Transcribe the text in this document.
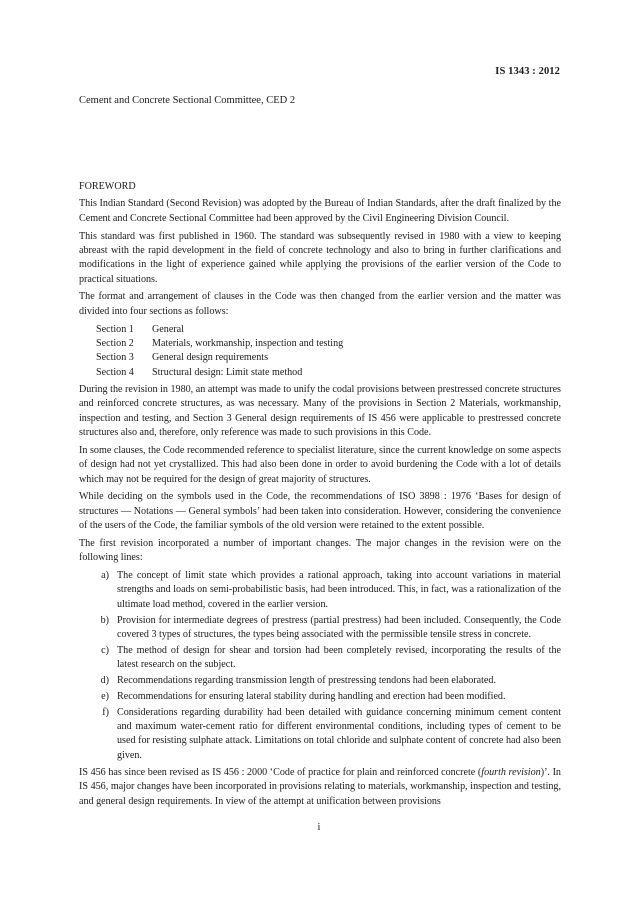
IS 1343 : 2012
Cement and Concrete Sectional Committee, CED 2
FOREWORD

This Indian Standard (Second Revision) was adopted by the Bureau of Indian Standards, after the draft finalized by the Cement and Concrete Sectional Committee had been approved by the Civil Engineering Division Council.

This standard was first published in 1960. The standard was subsequently revised in 1980 with a view to keeping abreast with the rapid development in the field of concrete technology and also to bring in further clarifications and modifications in the light of experience gained while applying the provisions of the earlier version of the Code to practical situations.

The format and arrangement of clauses in the Code was then changed from the earlier version and the matter was divided into four sections as follows:

Section 1	General
Section 2	Materials, workmanship, inspection and testing
Section 3	General design requirements
Section 4	Structural design: Limit state method

During the revision in 1980, an attempt was made to unify the codal provisions between prestressed concrete structures and reinforced concrete structures, as was necessary. Many of the provisions in Section 2 Materials, workmanship, inspection and testing, and Section 3 General design requirements of IS 456 were applicable to prestressed concrete structures also and, therefore, only reference was made to such provisions in this Code.

In some clauses, the Code recommended reference to specialist literature, since the current knowledge on some aspects of design had not yet crystallized. This had also been done in order to avoid burdening the Code with a lot of details which may not be required for the design of great majority of structures.

While deciding on the symbols used in the Code, the recommendations of ISO 3898 : 1976 ‘Bases for design of structures — Notations — General symbols’ had been taken into consideration. However, considering the convenience of the users of the Code, the familiar symbols of the old version were retained to the extent possible.

The first revision incorporated a number of important changes. The major changes in the revision were on the following lines:

a) The concept of limit state which provides a rational approach, taking into account variations in material strengths and loads on semi-probabilistic basis, had been introduced. This, in fact, was a rationalization of the ultimate load method, covered in the earlier version.
b) Provision for intermediate degrees of prestress (partial prestress) had been included. Consequently, the Code covered 3 types of structures, the types being associated with the permissible tensile stress in concrete.
c) The method of design for shear and torsion had been completely revised, incorporating the results of the latest research on the subject.
d) Recommendations regarding transmission length of prestressing tendons had been elaborated.
e) Recommendations for ensuring lateral stability during handling and erection had been modified.
f) Considerations regarding durability had been detailed with guidance concerning minimum cement content and maximum water-cement ratio for different environmental conditions, including types of cement to be used for resisting sulphate attack. Limitations on total chloride and sulphate content of concrete had also been given.

IS 456 has since been revised as IS 456 : 2000 ‘Code of practice for plain and reinforced concrete (fourth revision)’. In IS 456, major changes have been incorporated in provisions relating to materials, workmanship, inspection and testing, and general design requirements. In view of the attempt at unification between provisions

i
